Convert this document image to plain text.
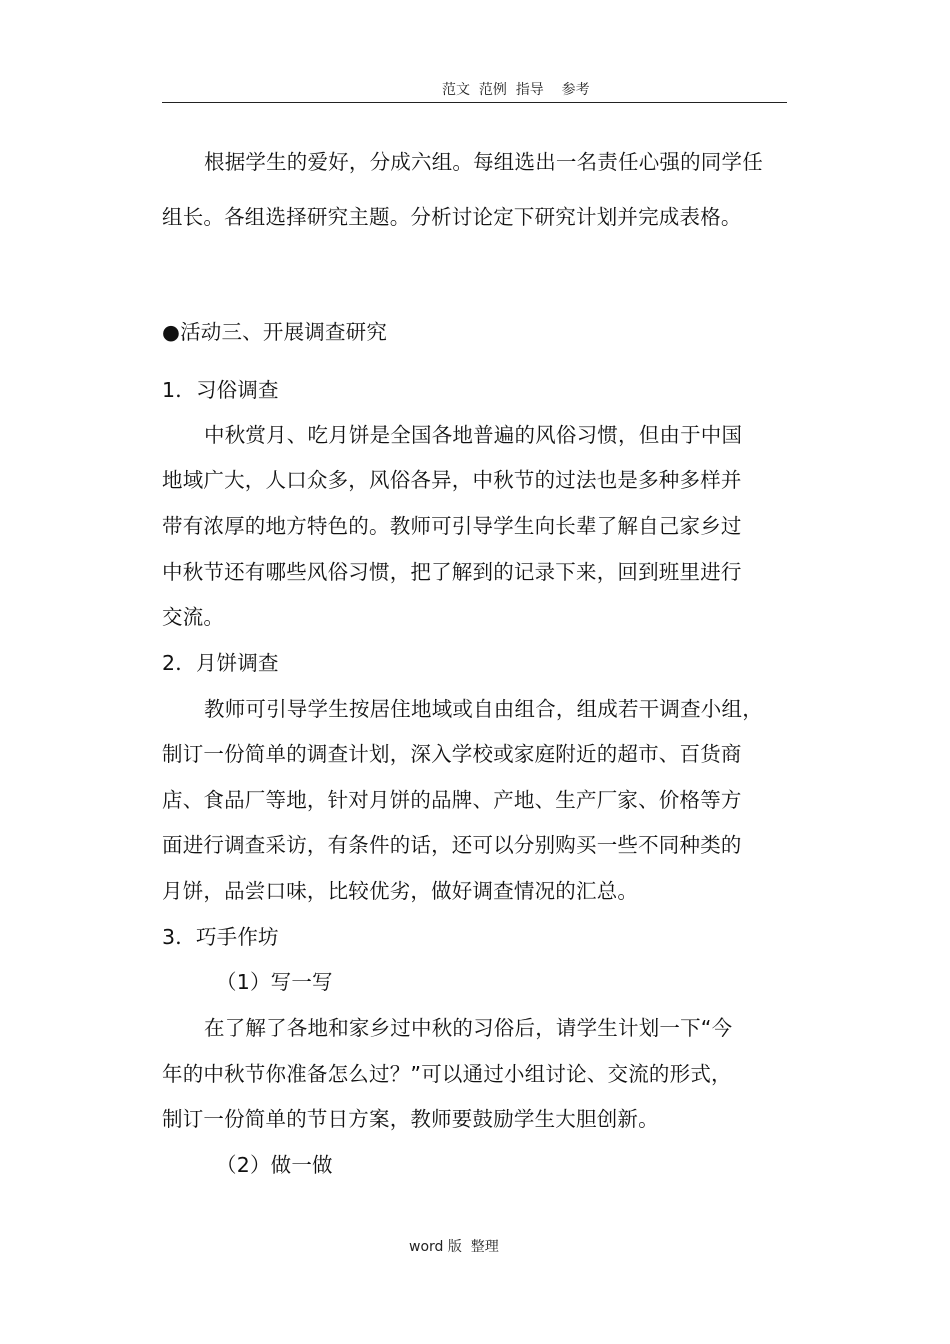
范文  范例  指导    参考
根据学生的爱好，分成六组。每组选出一名责任心强的同学任
组长。各组选择研究主题。分析讨论定下研究计划并完成表格。
●活动三、开展调查研究
1．习俗调查
中秋赏月、吃月饼是全国各地普遍的风俗习惯，但由于中国
地域广大，人口众多，风俗各异，中秋节的过法也是多种多样并
带有浓厚的地方特色的。教师可引导学生向长辈了解自己家乡过
中秋节还有哪些风俗习惯，把了解到的记录下来，回到班里进行
交流。
2．月饼调查
教师可引导学生按居住地域或自由组合，组成若干调查小组，
制订一份简单的调查计划，深入学校或家庭附近的超市、百货商
店、食品厂等地，针对月饼的品牌、产地、生产厂家、价格等方
面进行调查采访，有条件的话，还可以分别购买一些不同种类的
月饼，品尝口味，比较优劣，做好调查情况的汇总。
3．巧手作坊
（1）写一写
在了解了各地和家乡过中秋的习俗后，请学生计划一下“今
年的中秋节你准备怎么过？”可以通过小组讨论、交流的形式，
制订一份简单的节日方案，教师要鼓励学生大胆创新。
（2）做一做
word 版  整理
